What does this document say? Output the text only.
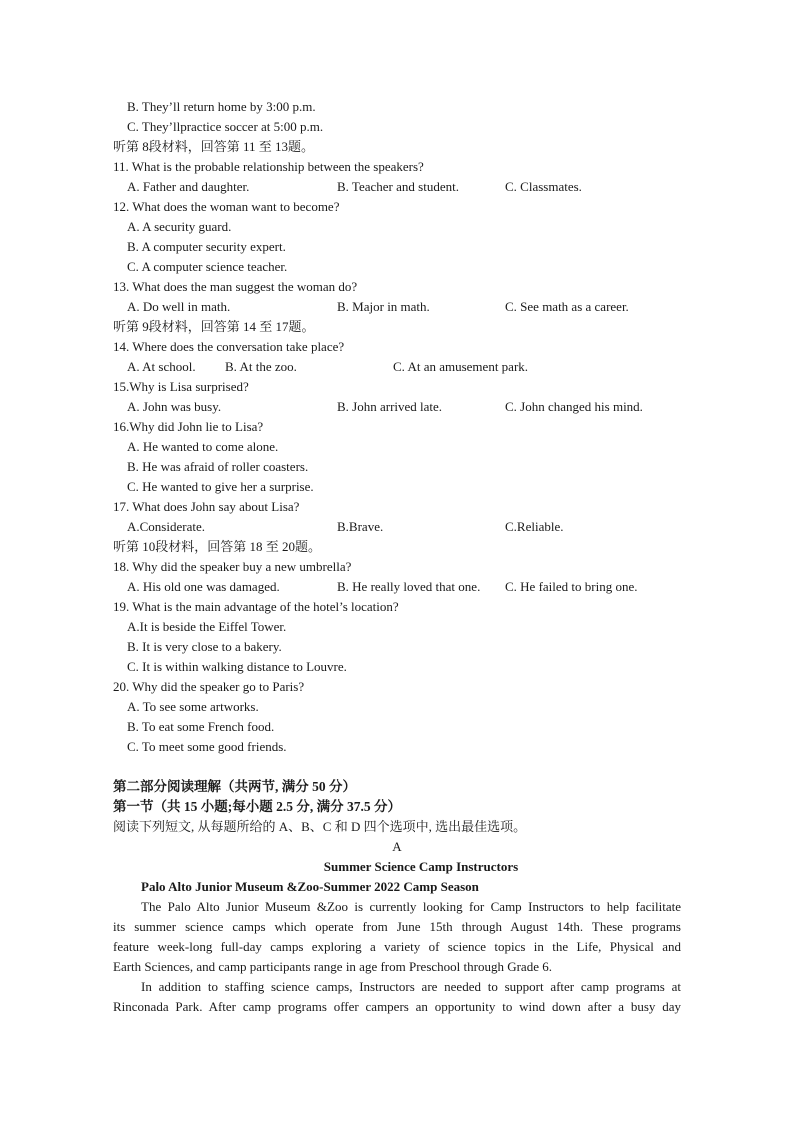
B. They’ll return home by 3:00 p.m.
C. They’llpractice soccer at 5:00 p.m.
听第 8段材料，回答第 11 至 13题。
11. What is the probable relationship between the speakers?
A. Father and daughter.	B. Teacher and student.	C. Classmates.
12. What does the woman want to become?
A. A security guard.
B. A computer security expert.
C. A computer science teacher.
13. What does the man suggest the woman do?
A. Do well in math.	B. Major in math.	C. See math as a career.
听第 9段材料，回答第 14 至 17题。
14. Where does the conversation take place?
A. At school. B. At the zoo.	C. At an amusement park.
15.Why is Lisa surprised?
A. John was busy.	B. John arrived late.	C. John changed his mind.
16.Why did John lie to Lisa?
A. He wanted to come alone.
B. He was afraid of roller coasters.
C. He wanted to give her a surprise.
17. What does John say about Lisa?
A.Considerate.	B.Brave.	C.Reliable.
听第 10段材料，回答第 18 至 20题。
18. Why did the speaker buy a new umbrella?
A. His old one was damaged.	B. He really loved that one. C. He failed to bring one.
19. What is the main advantage of the hotel’s location?
A.It is beside the Eiffel Tower.
B. It is very close to a bakery.
C. It is within walking distance to Louvre.
20. Why did the speaker go to Paris?
A. To see some artworks.
B. To eat some French food.
C. To meet some good friends.
第二部分阅读理解（共两节, 满分 50 分）
第一节（共 15 小题;每小题 2.5 分, 满分 37.5 分）
阅读下列短文, 从每题所给的 A、B、C 和 D 四个选项中, 选出最佳选项。
A
Summer Science Camp Instructors
Palo Alto Junior Museum &Zoo-Summer 2022 Camp Season
The Palo Alto Junior Museum &Zoo is currently looking for Camp Instructors to help facilitate
its summer science camps which operate from June 15th through August 14th. These programs
feature week-long full-day camps exploring a variety of science topics in the Life, Physical and
Earth Sciences, and camp participants range in age from Preschool through Grade 6.
In addition to staffing science camps, Instructors are needed to support after camp programs at
Rinconada Park. After camp programs offer campers an opportunity to wind down after a busy day
